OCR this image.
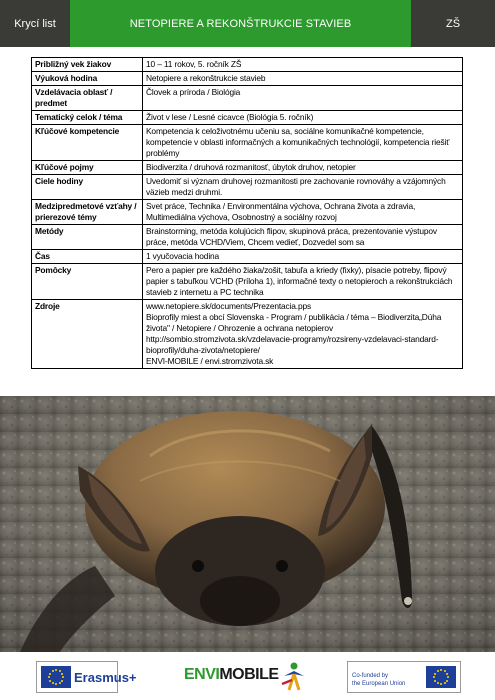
Krycí list	NETOPIERE A REKONŠTRUKCIE STAVIEB	ZŠ
Približný vek žiakov	10 – 11 rokov, 5. ročník ZŠ
Výuková hodina	Netopiere a rekonštrukcie stavieb
Vzdelávacia oblasť / predmet	Človek a príroda / Biológia
Tematický celok / téma	Život v lese / Lesné cicavce (Biológia 5. ročník)
Kľúčové kompetencie	Kompetencia k celoživotnému učeniu sa, sociálne komunikačné kompetencie, kompetencie v oblasti informačných a komunikačných technológií, kompetencia riešiť problémy
Kľúčové pojmy	Biodiverzita / druhová rozmanitosť, úbytok druhov, netopier
Ciele hodiny	Uvedomiť si význam druhovej rozmanitosti pre zachovanie rovnováhy a vzájomných väzieb medzi druhmi.
Medzipredmetové vzťahy / prierezové témy	Svet práce, Technika / Environmentálna výchova, Ochrana života a zdravia, Multimediálna výchova, Osobnostný a sociálny rozvoj
Metódy	Brainstorming, metóda kolujúcich flipov, skupinová práca, prezentovanie výstupov práce, metóda VCHD/Viem, Chcem vedieť, Dozvedel som sa
Čas	1 vyučovacia hodina
Pomôcky	Pero a papier pre každého žiaka/zošit, tabuľa a kriedy (fixky), písacie potreby, flipový papier s tabuľkou VCHD (Príloha 1), informačné texty o netopieroch a rekonštrukciách stavieb z internetu a PC technika
Zdroje	www.netopiere.sk/documents/Prezentacia.pps
Bioprofily miest a obcí Slovenska - Program / publikácia / téma – Biodiverzita„Dúha života" / Netopiere / Ohrozenie a ochrana netopierov http://sombio.stromzivota.sk/vzdelavacie-programy/rozsireny-vzdelavaci-standard-bioprofily/duha-zivota/netopiere/
ENVI-MOBILE / envi.stromzivota.sk
Erasmus+	ENVIMOBILE	Co-funded by
the European Union
